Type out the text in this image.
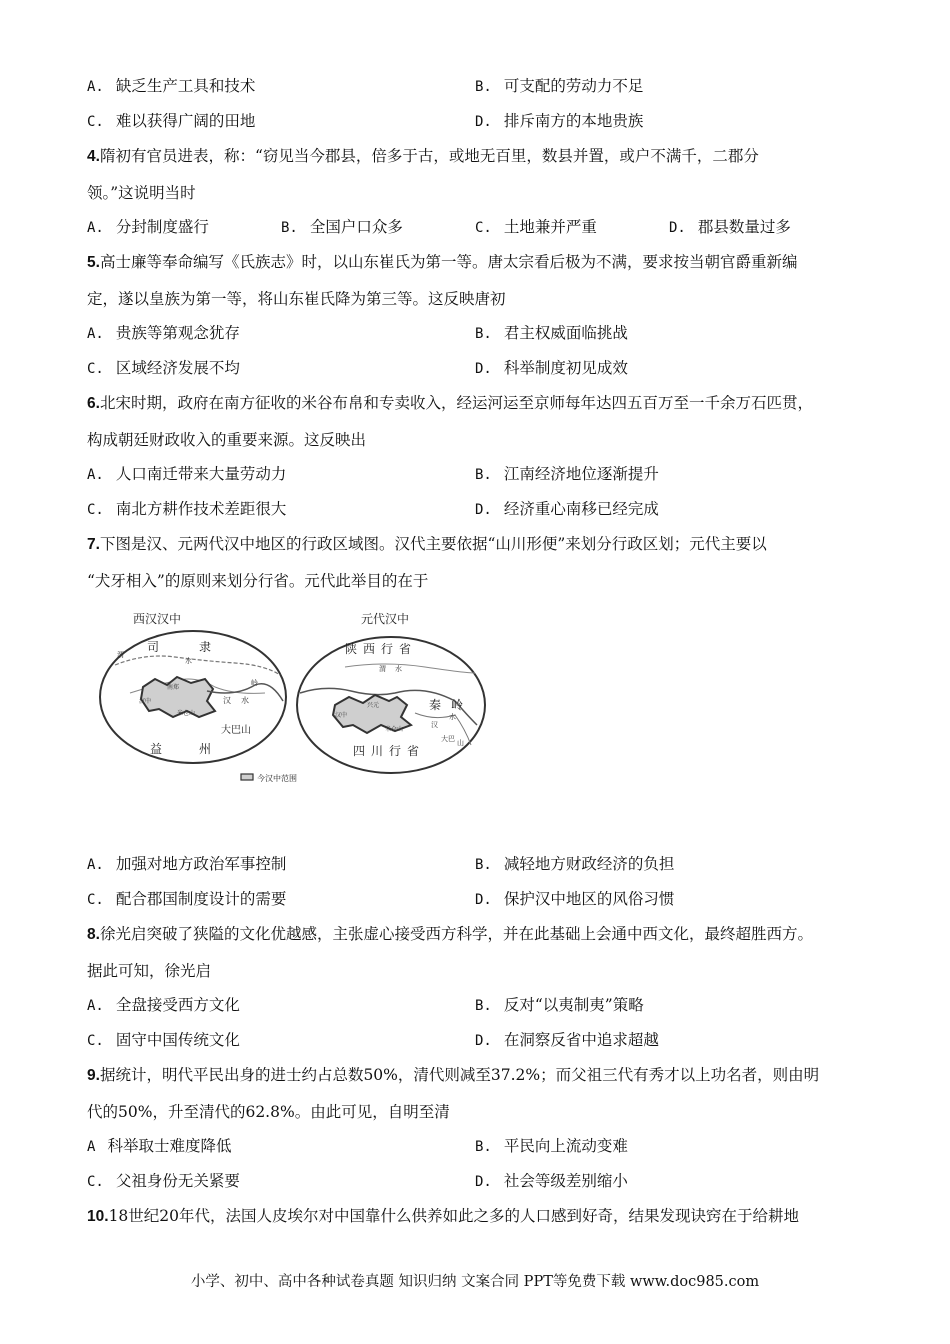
A. 缺乏生产工具和技术	B. 可支配的劳动力不足
C. 难以获得广阔的田地	D. 排斥南方的本地贵族
4.隋初有官员进表，称：“窃见当今郡县，倍多于古，或地无百里，数县并置，或户不满千，二郡分
领。”这说明当时
A. 分封制度盛行	B. 全国户口众多	C. 土地兼并严重	D. 郡县数量过多
5.高士廉等奉命编写《氏族志》时，以山东崔氏为第一等。唐太宗看后极为不满，要求按当朝官爵重新编
定，遂以皇族为第一等，将山东崔氏降为第三等。这反映唐初
A. 贵族等第观念犹存	B. 君主权威面临挑战
C. 区域经济发展不均	D. 科举制度初见成效
6.北宋时期，政府在南方征收的米谷布帛和专卖收入，经运河运至京师每年达四五百万至一千余万石匹贯，
构成朝廷财政收入的重要来源。这反映出
A. 人口南迁带来大量劳动力	B. 江南经济地位逐渐提升
C. 南北方耕作技术差距很大	D. 经济重心南移已经完成
7.下图是汉、元两代汉中地区的行政区域图。汉代主要依据“山川形便”来划分行政区划；元代主要以
“犬牙相入”的原则来划分行省。元代此举目的在于
西汉汉中
渭
司	隶
水
岭
南郑
汉中	汉 水
米仓山
大巴山
益	州
元代汉中
陕西行省
渭 水
秦 岭
兴元
汉中
米仓山
汉
水
大巴 山
四川行省
今汉中范围
A. 加强对地方政治军事控制	B. 减轻地方财政经济的负担
C. 配合郡国制度设计的需要	D. 保护汉中地区的风俗习惯
8.徐光启突破了狭隘的文化优越感，主张虚心接受西方科学，并在此基础上会通中西文化，最终超胜西方。
据此可知，徐光启
A. 全盘接受西方文化	B. 反对“以夷制夷”策略
C. 固守中国传统文化	D. 在洞察反省中追求超越
9.据统计，明代平民出身的进士约占总数50%，清代则减至37.2%；而父祖三代有秀才以上功名者，则由明
代的50%，升至清代的62.8%。由此可见，自明至清
A 科举取士难度降低	B. 平民向上流动变难
C. 父祖身份无关紧要	D. 社会等级差别缩小
10.18世纪20年代，法国人皮埃尔对中国靠什么供养如此之多的人口感到好奇，结果发现诀窍在于给耕地
小学、初中、高中各种试卷真题 知识归纳 文案合同 PPT等免费下载 www.doc985.com
